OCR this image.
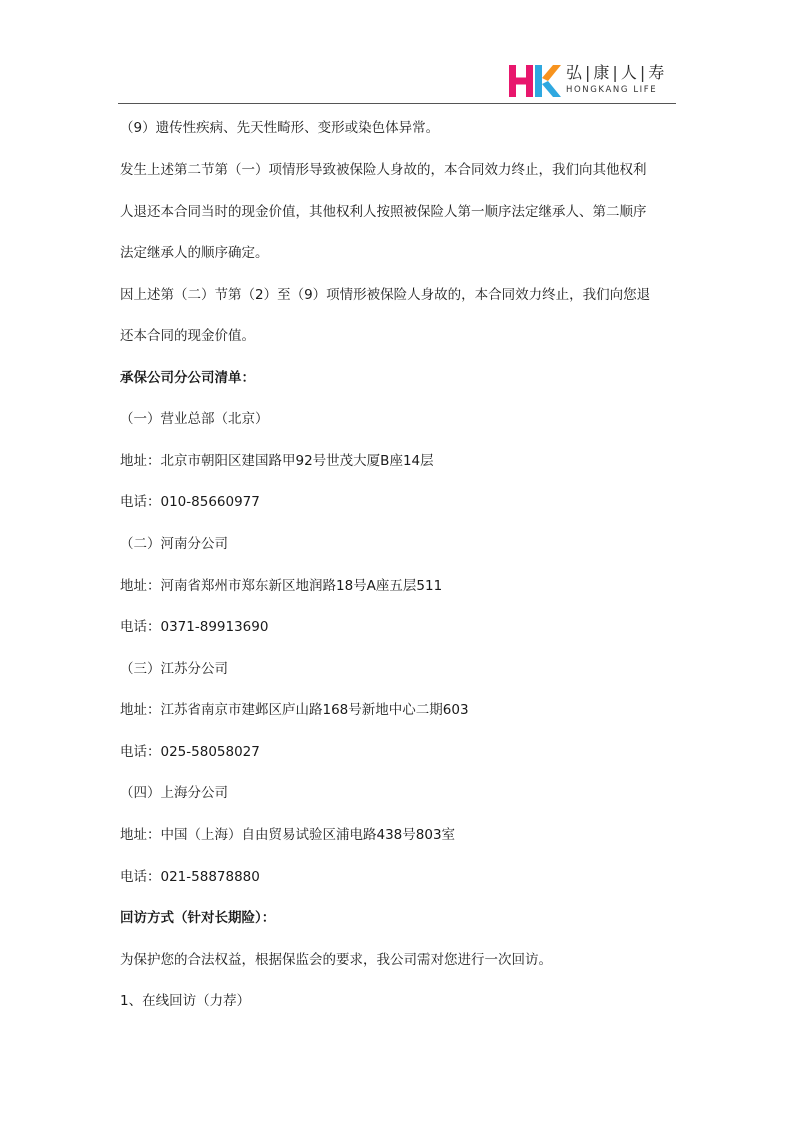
弘 | 康 | 人 | 寿
HONGKANG LIFE

（9）遗传性疾病、先天性畸形、变形或染色体异常。

发生上述第二节第（一）项情形导致被保险人身故的，本合同效力终止，我们向其他权利

人退还本合同当时的现金价值，其他权利人按照被保险人第一顺序法定继承人、第二顺序

法定继承人的顺序确定。

因上述第（二）节第（2）至（9）项情形被保险人身故的，本合同效力终止，我们向您退

还本合同的现金价值。

承保公司分公司清单：

（一）营业总部（北京）

地址：北京市朝阳区建国路甲92号世茂大厦B座14层

电话：010-85660977

（二）河南分公司

地址：河南省郑州市郑东新区地润路18号A座五层511

电话：0371-89913690

（三）江苏分公司

地址：江苏省南京市建邺区庐山路168号新地中心二期603

电话：025-58058027

（四）上海分公司

地址：中国（上海）自由贸易试验区浦电路438号803室

电话：021-58878880

回访方式（针对长期险）：

为保护您的合法权益，根据保监会的要求，我公司需对您进行一次回访。

1、在线回访（力荐）
